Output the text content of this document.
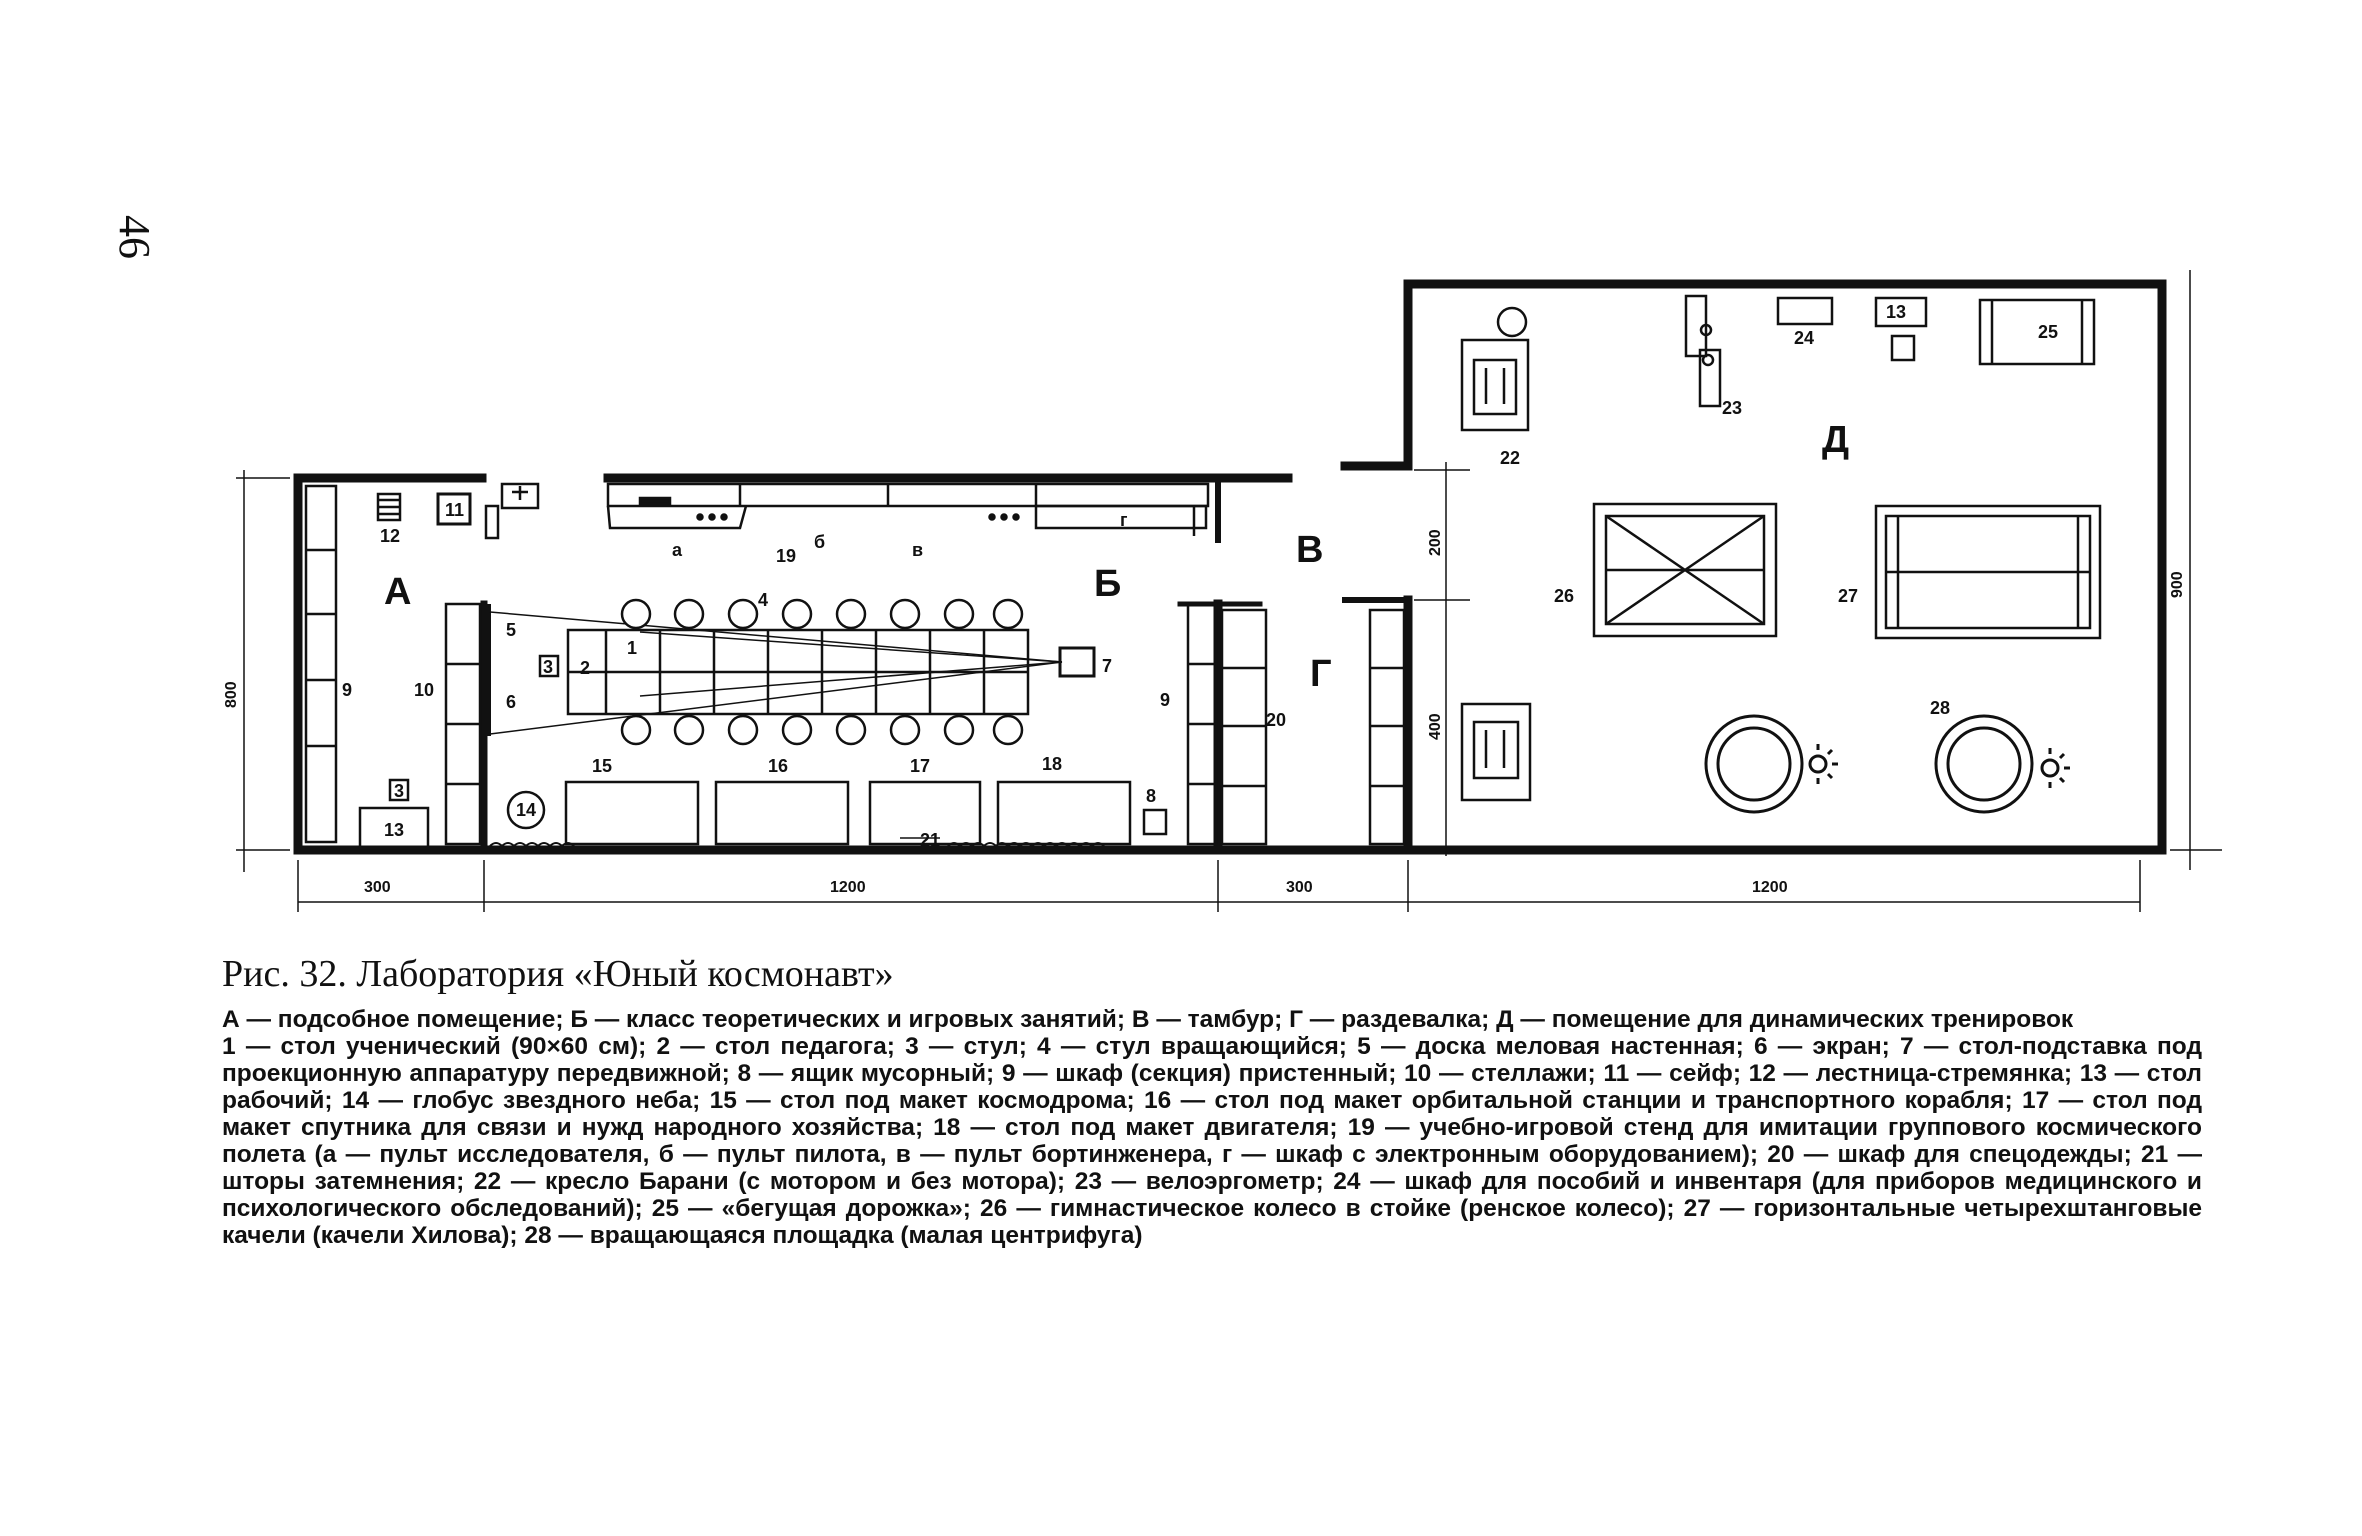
46
А	Б
В
Г
Д
800
900
200
400
300	1200	300	1200
12
11
9	10
3
13
а	19
б	в
г
4
5
6
3 2
1
7
9
20
14
15	16	17	18
8
21
22
23
24
13
25
26	27
28
Рис. 32. Лаборатория «Юный космонавт»

А — подсобное помещение; Б — класс теоретических и игровых занятий; В — тамбур; Г — раздевалка; Д — помещение для динамических тренировок

1 — стол ученический (90×60 см); 2 — стол педагога; 3 — стул; 4 — стул вращающийся; 5 — доска меловая настенная; 6 — экран; 7 — стол-подставка под проекционную аппаратуру передвижной; 8 — ящик мусорный; 9 — шкаф (секция) пристенный; 10 — стеллажи; 11 — сейф; 12 — лестница-стремянка; 13 — стол рабочий; 14 — глобус звездного неба; 15 — стол под макет космодрома; 16 — стол под макет орбитальной станции и транспортного корабля; 17 — стол под макет спутника для связи и нужд народного хозяйства; 18 — стол под макет двигателя; 19 — учебно-игровой стенд для имитации группового космического полета (а — пульт исследователя, б — пульт пилота, в — пульт бортинженера, г — шкаф с электронным оборудованием); 20 — шкаф для спецодежды; 21 — шторы затемнения; 22 — кресло Барани (с мотором и без мотора); 23 — велоэргометр; 24 — шкаф для пособий и инвентаря (для приборов медицинского и психологического обследований); 25 — «бегущая дорожка»; 26 — гимнастическое колесо в стойке (ренское колесо); 27 — горизонтальные четырехштанговые качели (качели Хилова); 28 — вращающаяся площадка (малая центрифуга)
